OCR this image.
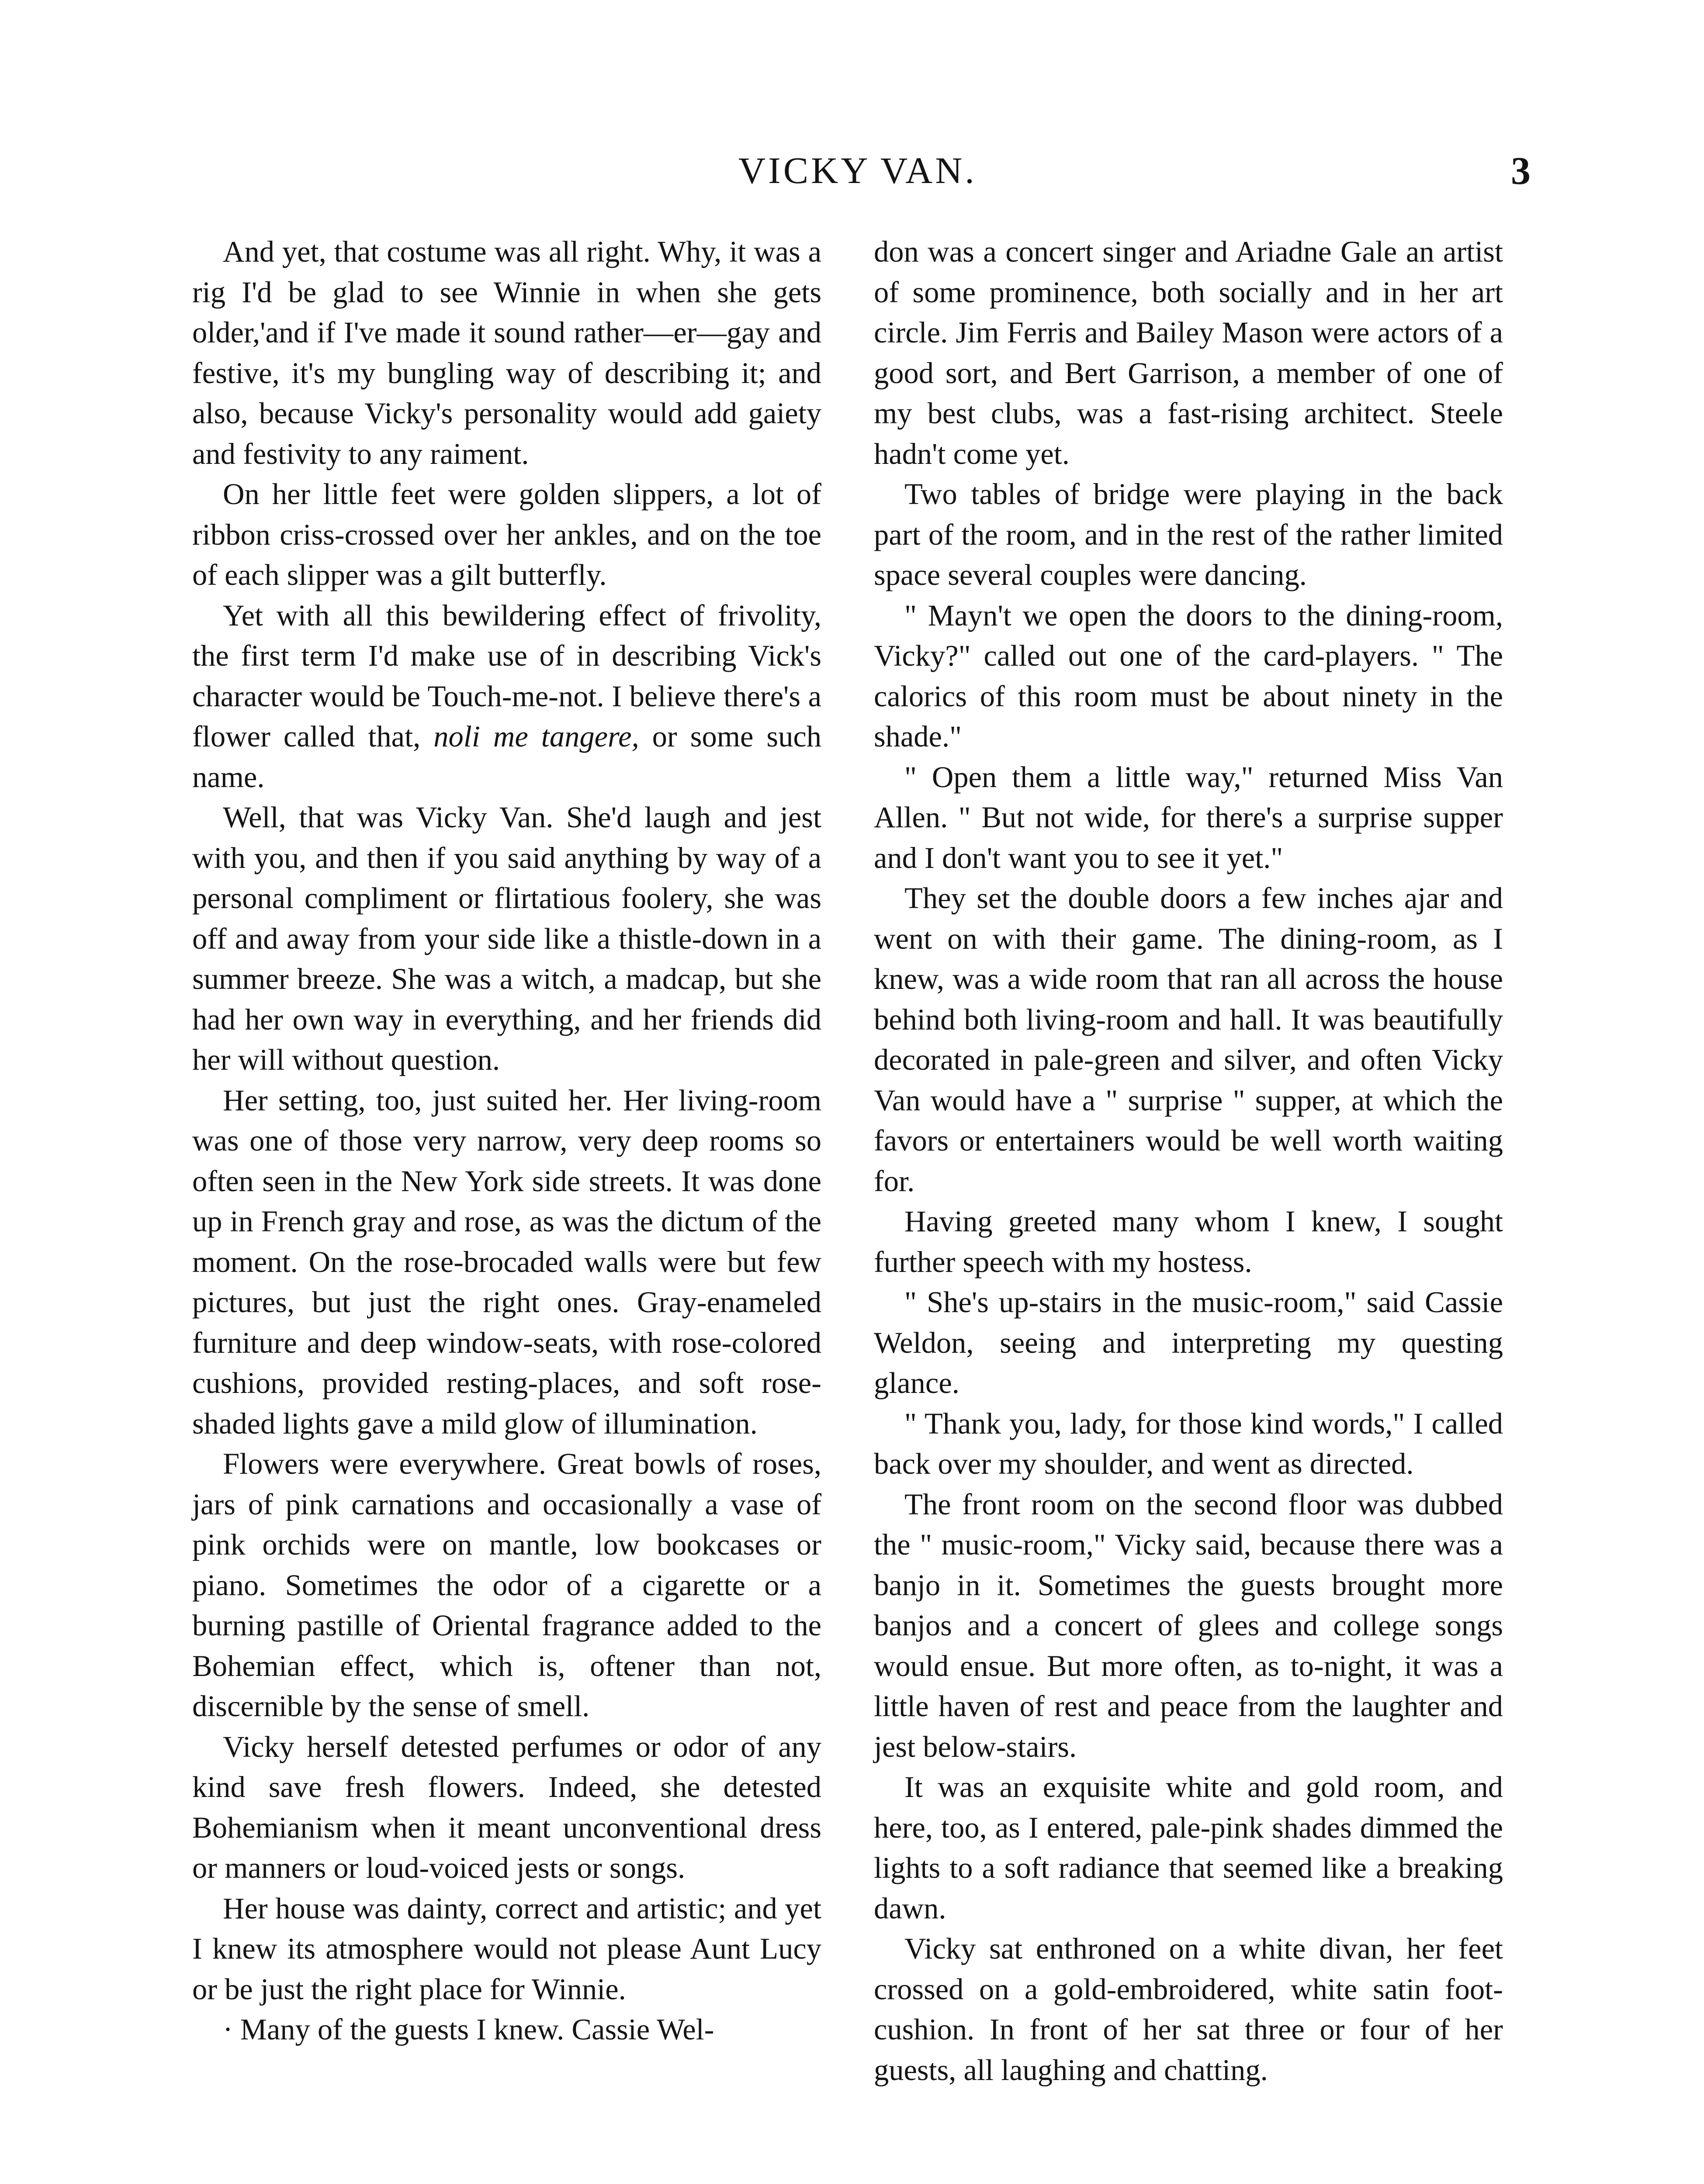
VICKY VAN.	3

And yet, that costume was all right. Why, it was a rig I'd be glad to see Winnie in when she gets older,'and if I've made it sound rather—er—gay and festive, it's my bungling way of describing it; and also, because Vicky's personality would add gaiety and festivity to any raiment.

On her little feet were golden slippers, a lot of ribbon criss-crossed over her ankles, and on the toe of each slipper was a gilt butterfly.

Yet with all this bewildering effect of frivolity, the first term I'd make use of in describing Vick's character would be Touch-me-not. I believe there's a flower called that, noli me tangere, or some such name.

Well, that was Vicky Van. She'd laugh and jest with you, and then if you said anything by way of a personal compliment or flirtatious foolery, she was off and away from your side like a thistle-down in a summer breeze. She was a witch, a madcap, but she had her own way in everything, and her friends did her will without question.

Her setting, too, just suited her. Her living-room was one of those very narrow, very deep rooms so often seen in the New York side streets. It was done up in French gray and rose, as was the dictum of the moment. On the rose-brocaded walls were but few pictures, but just the right ones. Gray-enameled furniture and deep window-seats, with rose-colored cushions, provided resting-places, and soft rose-shaded lights gave a mild glow of illumination.

Flowers were everywhere. Great bowls of roses, jars of pink carnations and occasionally a vase of pink orchids were on mantle, low bookcases or piano. Sometimes the odor of a cigarette or a burning pastille of Oriental fragrance added to the Bohemian effect, which is, oftener than not, discernible by the sense of smell.

Vicky herself detested perfumes or odor of any kind save fresh flowers. Indeed, she detested Bohemianism when it meant unconventional dress or manners or loud-voiced jests or songs.

Her house was dainty, correct and artistic; and yet I knew its atmosphere would not please Aunt Lucy or be just the right place for Winnie.

· Many of the guests I knew. Cassie Wel-

don was a concert singer and Ariadne Gale an artist of some prominence, both socially and in her art circle. Jim Ferris and Bailey Mason were actors of a good sort, and Bert Garrison, a member of one of my best clubs, was a fast-rising architect. Steele hadn't come yet.

Two tables of bridge were playing in the back part of the room, and in the rest of the rather limited space several couples were dancing.

" Mayn't we open the doors to the dining-room, Vicky?" called out one of the card-players. " The calorics of this room must be about ninety in the shade."

" Open them a little way," returned Miss Van Allen. " But not wide, for there's a surprise supper and I don't want you to see it yet."

They set the double doors a few inches ajar and went on with their game. The dining-room, as I knew, was a wide room that ran all across the house behind both living-room and hall. It was beautifully decorated in pale-green and silver, and often Vicky Van would have a " surprise " supper, at which the favors or entertainers would be well worth waiting for.

Having greeted many whom I knew, I sought further speech with my hostess.

" She's up-stairs in the music-room," said Cassie Weldon, seeing and interpreting my questing glance.

" Thank you, lady, for those kind words," I called back over my shoulder, and went as directed.

The front room on the second floor was dubbed the " music-room," Vicky said, because there was a banjo in it. Sometimes the guests brought more banjos and a concert of glees and college songs would ensue. But more often, as to-night, it was a little haven of rest and peace from the laughter and jest below-stairs.

It was an exquisite white and gold room, and here, too, as I entered, pale-pink shades dimmed the lights to a soft radiance that seemed like a breaking dawn.

Vicky sat enthroned on a white divan, her feet crossed on a gold-embroidered, white satin foot-cushion. In front of her sat three or four of her guests, all laughing and chatting.
